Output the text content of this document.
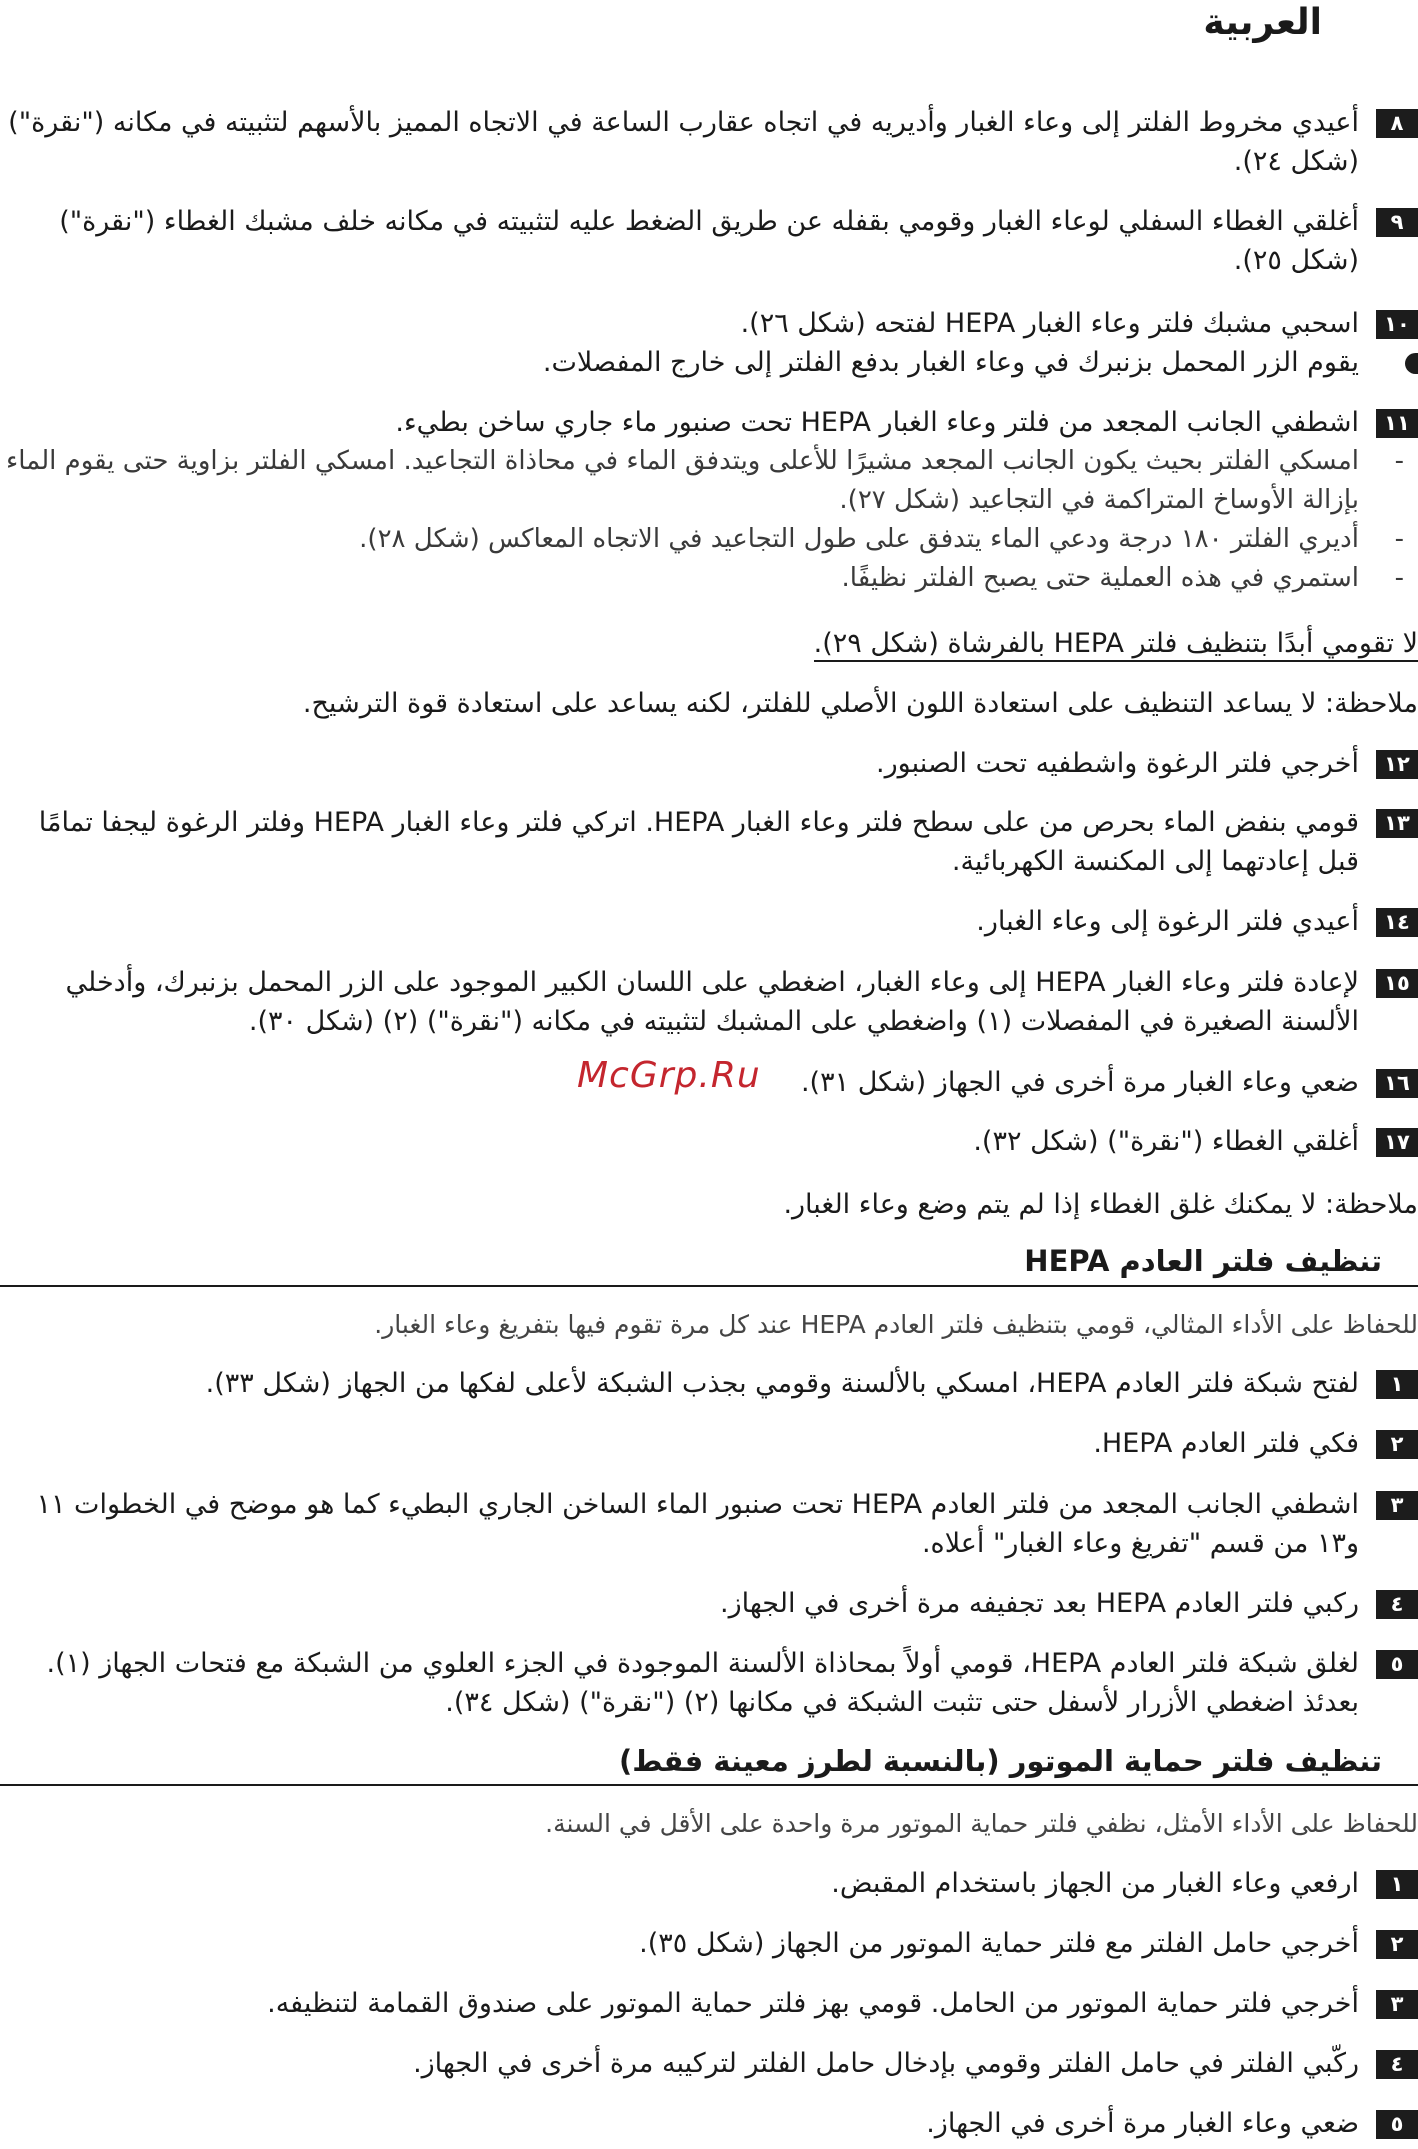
العربية
٨

أعيدي مخروط الفلتر إلى وعاء الغبار وأديريه في اتجاه عقارب الساعة في الاتجاه المميز بالأسهم لتثبيته في مكانه ("نقرة") (شكل ٢٤).

٩

أغلقي الغطاء السفلي لوعاء الغبار وقومي بقفله عن طريق الضغط عليه لتثبيته في مكانه خلف مشبك الغطاء ("نقرة") (شكل ٢٥).

١٠

اسحبي مشبك فلتر وعاء الغبار HEPA لفتحه (شكل ٢٦).

يقوم الزر المحمل بزنبرك في وعاء الغبار بدفع الفلتر إلى خارج المفصلات.

١١

اشطفي الجانب المجعد من فلتر وعاء الغبار HEPA تحت صنبور ماء جاري ساخن بطيء.

-

امسكي الفلتر بحيث يكون الجانب المجعد مشيرًا للأعلى ويتدفق الماء في محاذاة التجاعيد. امسكي الفلتر بزاوية حتى يقوم الماء بإزالة الأوساخ المتراكمة في التجاعيد (شكل ٢٧).

-

أديري الفلتر ١٨٠ درجة ودعي الماء يتدفق على طول التجاعيد في الاتجاه المعاكس (شكل ٢٨).

-

استمري في هذه العملية حتى يصبح الفلتر نظيفًا.

لا تقومي أبدًا بتنظيف فلتر HEPA بالفرشاة (شكل ٢٩).
ملاحظة: لا يساعد التنظيف على استعادة اللون الأصلي للفلتر، لكنه يساعد على استعادة قوة الترشيح.
١٢

أخرجي فلتر الرغوة واشطفيه تحت الصنبور.

١٣

قومي بنفض الماء بحرص من على سطح فلتر وعاء الغبار HEPA. اتركي فلتر وعاء الغبار HEPA وفلتر الرغوة ليجفا تمامًا قبل إعادتهما إلى المكنسة الكهربائية.

١٤

أعيدي فلتر الرغوة إلى وعاء الغبار.

١٥

لإعادة فلتر وعاء الغبار HEPA إلى وعاء الغبار، اضغطي على اللسان الكبير الموجود على الزر المحمل بزنبرك، وأدخلي الألسنة الصغيرة في المفصلات (١) واضغطي على المشبك لتثبيته في مكانه ("نقرة") (٢) (شكل ٣٠).

١٦

ضعي وعاء الغبار مرة أخرى في الجهاز (شكل ٣١).

١٧

أغلقي الغطاء ("نقرة") (شكل ٣٢).

ملاحظة: لا يمكنك غلق الغطاء إذا لم يتم وضع وعاء الغبار.
تنظيف فلتر العادم HEPA
للحفاظ على الأداء المثالي، قومي بتنظيف فلتر العادم HEPA عند كل مرة تقوم فيها بتفريغ وعاء الغبار.
١

لفتح شبكة فلتر العادم HEPA، امسكي بالألسنة وقومي بجذب الشبكة لأعلى لفكها من الجهاز (شكل ٣٣).

٢

فكي فلتر العادم HEPA.

٣

اشطفي الجانب المجعد من فلتر العادم HEPA تحت صنبور الماء الساخن الجاري البطيء كما هو موضح في الخطوات ١١ و١٣ من قسم "تفريغ وعاء الغبار" أعلاه.

٤

ركبي فلتر العادم HEPA بعد تجفيفه مرة أخرى في الجهاز.

٥

لغلق شبكة فلتر العادم HEPA، قومي أولاً بمحاذاة الألسنة الموجودة في الجزء العلوي من الشبكة مع فتحات الجهاز (١). بعدئذ اضغطي الأزرار لأسفل حتى تثبت الشبكة في مكانها (٢) ("نقرة") (شكل ٣٤).

تنظيف فلتر حماية الموتور (بالنسبة لطرز معينة فقط)
للحفاظ على الأداء الأمثل، نظفي فلتر حماية الموتور مرة واحدة على الأقل في السنة.
١

ارفعي وعاء الغبار من الجهاز باستخدام المقبض.

٢

أخرجي حامل الفلتر مع فلتر حماية الموتور من الجهاز (شكل ٣٥).

٣

أخرجي فلتر حماية الموتور من الحامل. قومي بهز فلتر حماية الموتور على صندوق القمامة لتنظيفه.

٤

ركّبي الفلتر في حامل الفلتر وقومي بإدخال حامل الفلتر لتركيبه مرة أخرى في الجهاز.

٥

ضعي وعاء الغبار مرة أخرى في الجهاز.

McGrp.Ru
